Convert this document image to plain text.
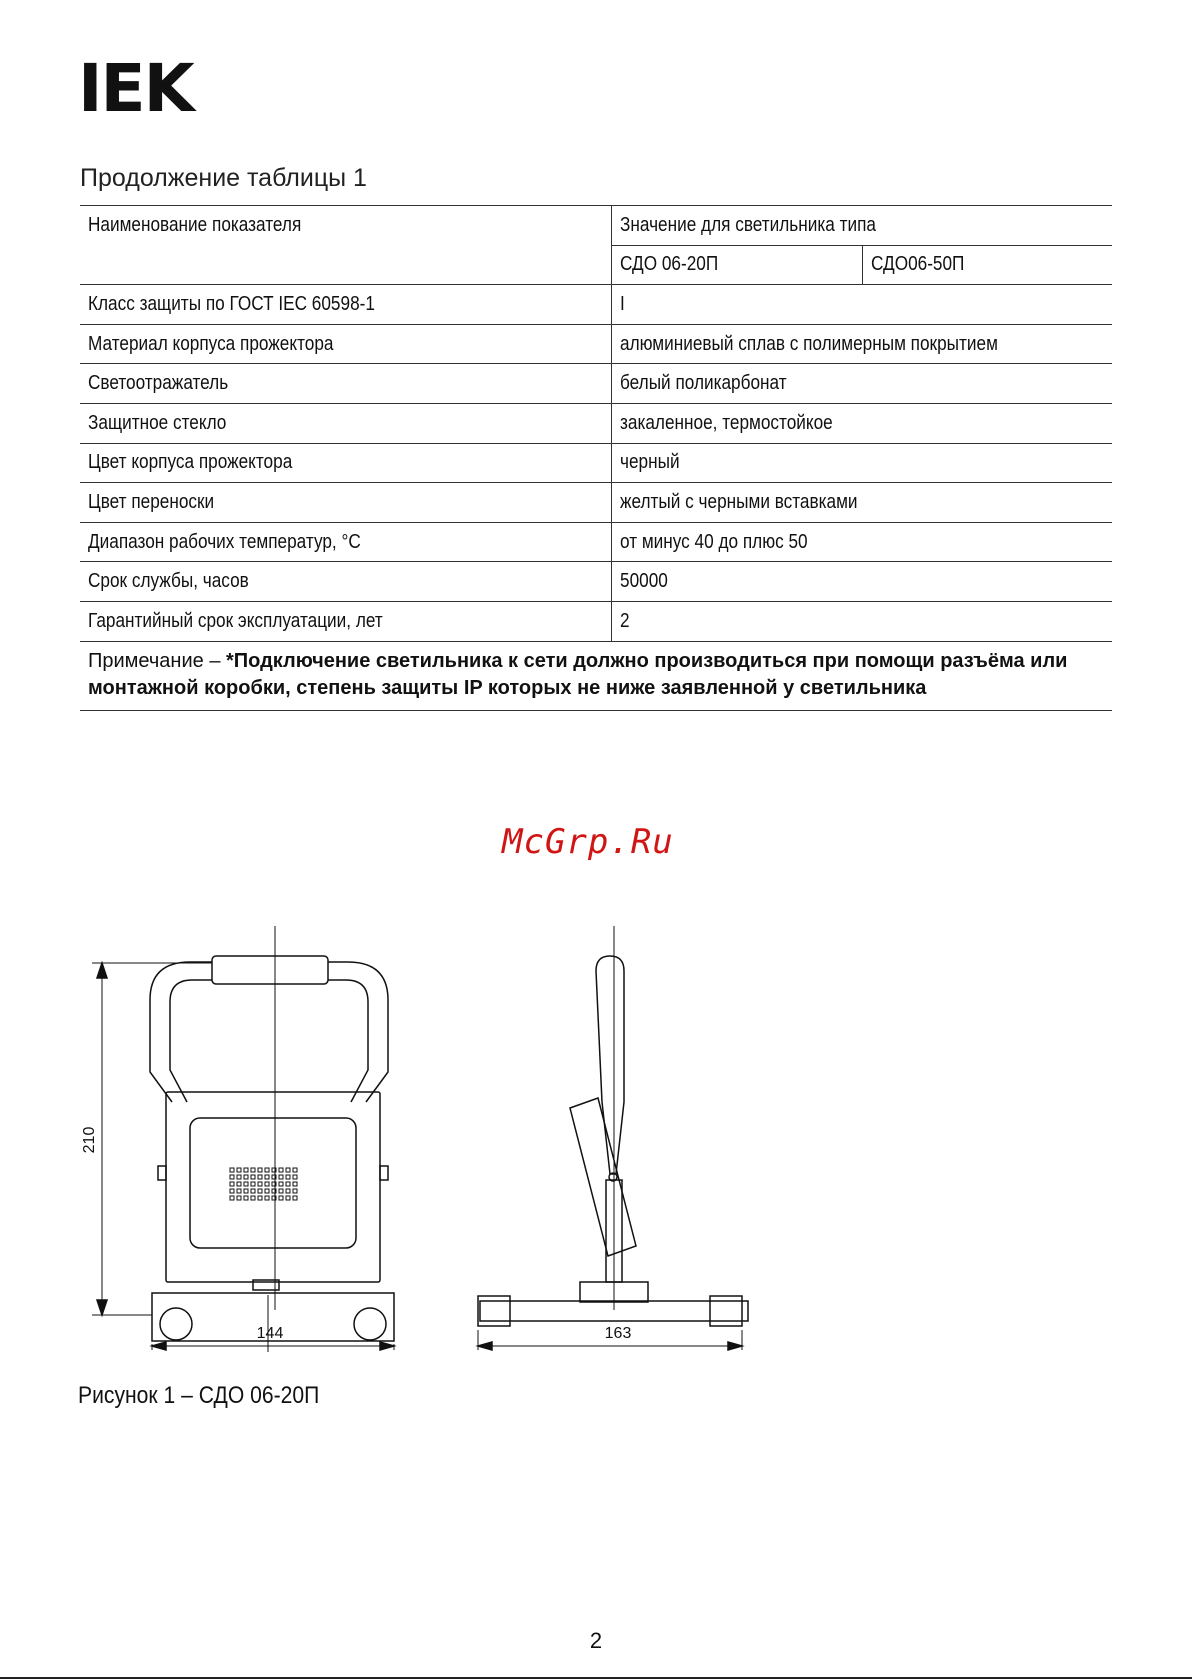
IEK
Продолжение таблицы 1
Наименование показателя	Значение для светильника типа	
	СДО 06-20П	СДО06-50П
Класс защиты по ГОСТ IEC 60598-1	I	
Материал корпуса прожектора	алюминиевый сплав с полимерным покрытием	
Светоотражатель	белый поликарбонат	
Защитное стекло	закаленное, термостойкое	
Цвет корпуса прожектора	черный	
Цвет переноски	желтый с черными вставками	
Диапазон рабочих температур, °С	от минус 40 до плюс 50	
Срок службы, часов	50000	
Гарантийный срок эксплуатации, лет	2	
Примечание – *Подключение светильника к сети должно производиться при помощи разъёма или монтажной коробки, степень защиты IP которых не ниже заявленной у светильника		
McGrp.Ru
210
144	163
Рисунок 1 – СДО 06-20П
2
